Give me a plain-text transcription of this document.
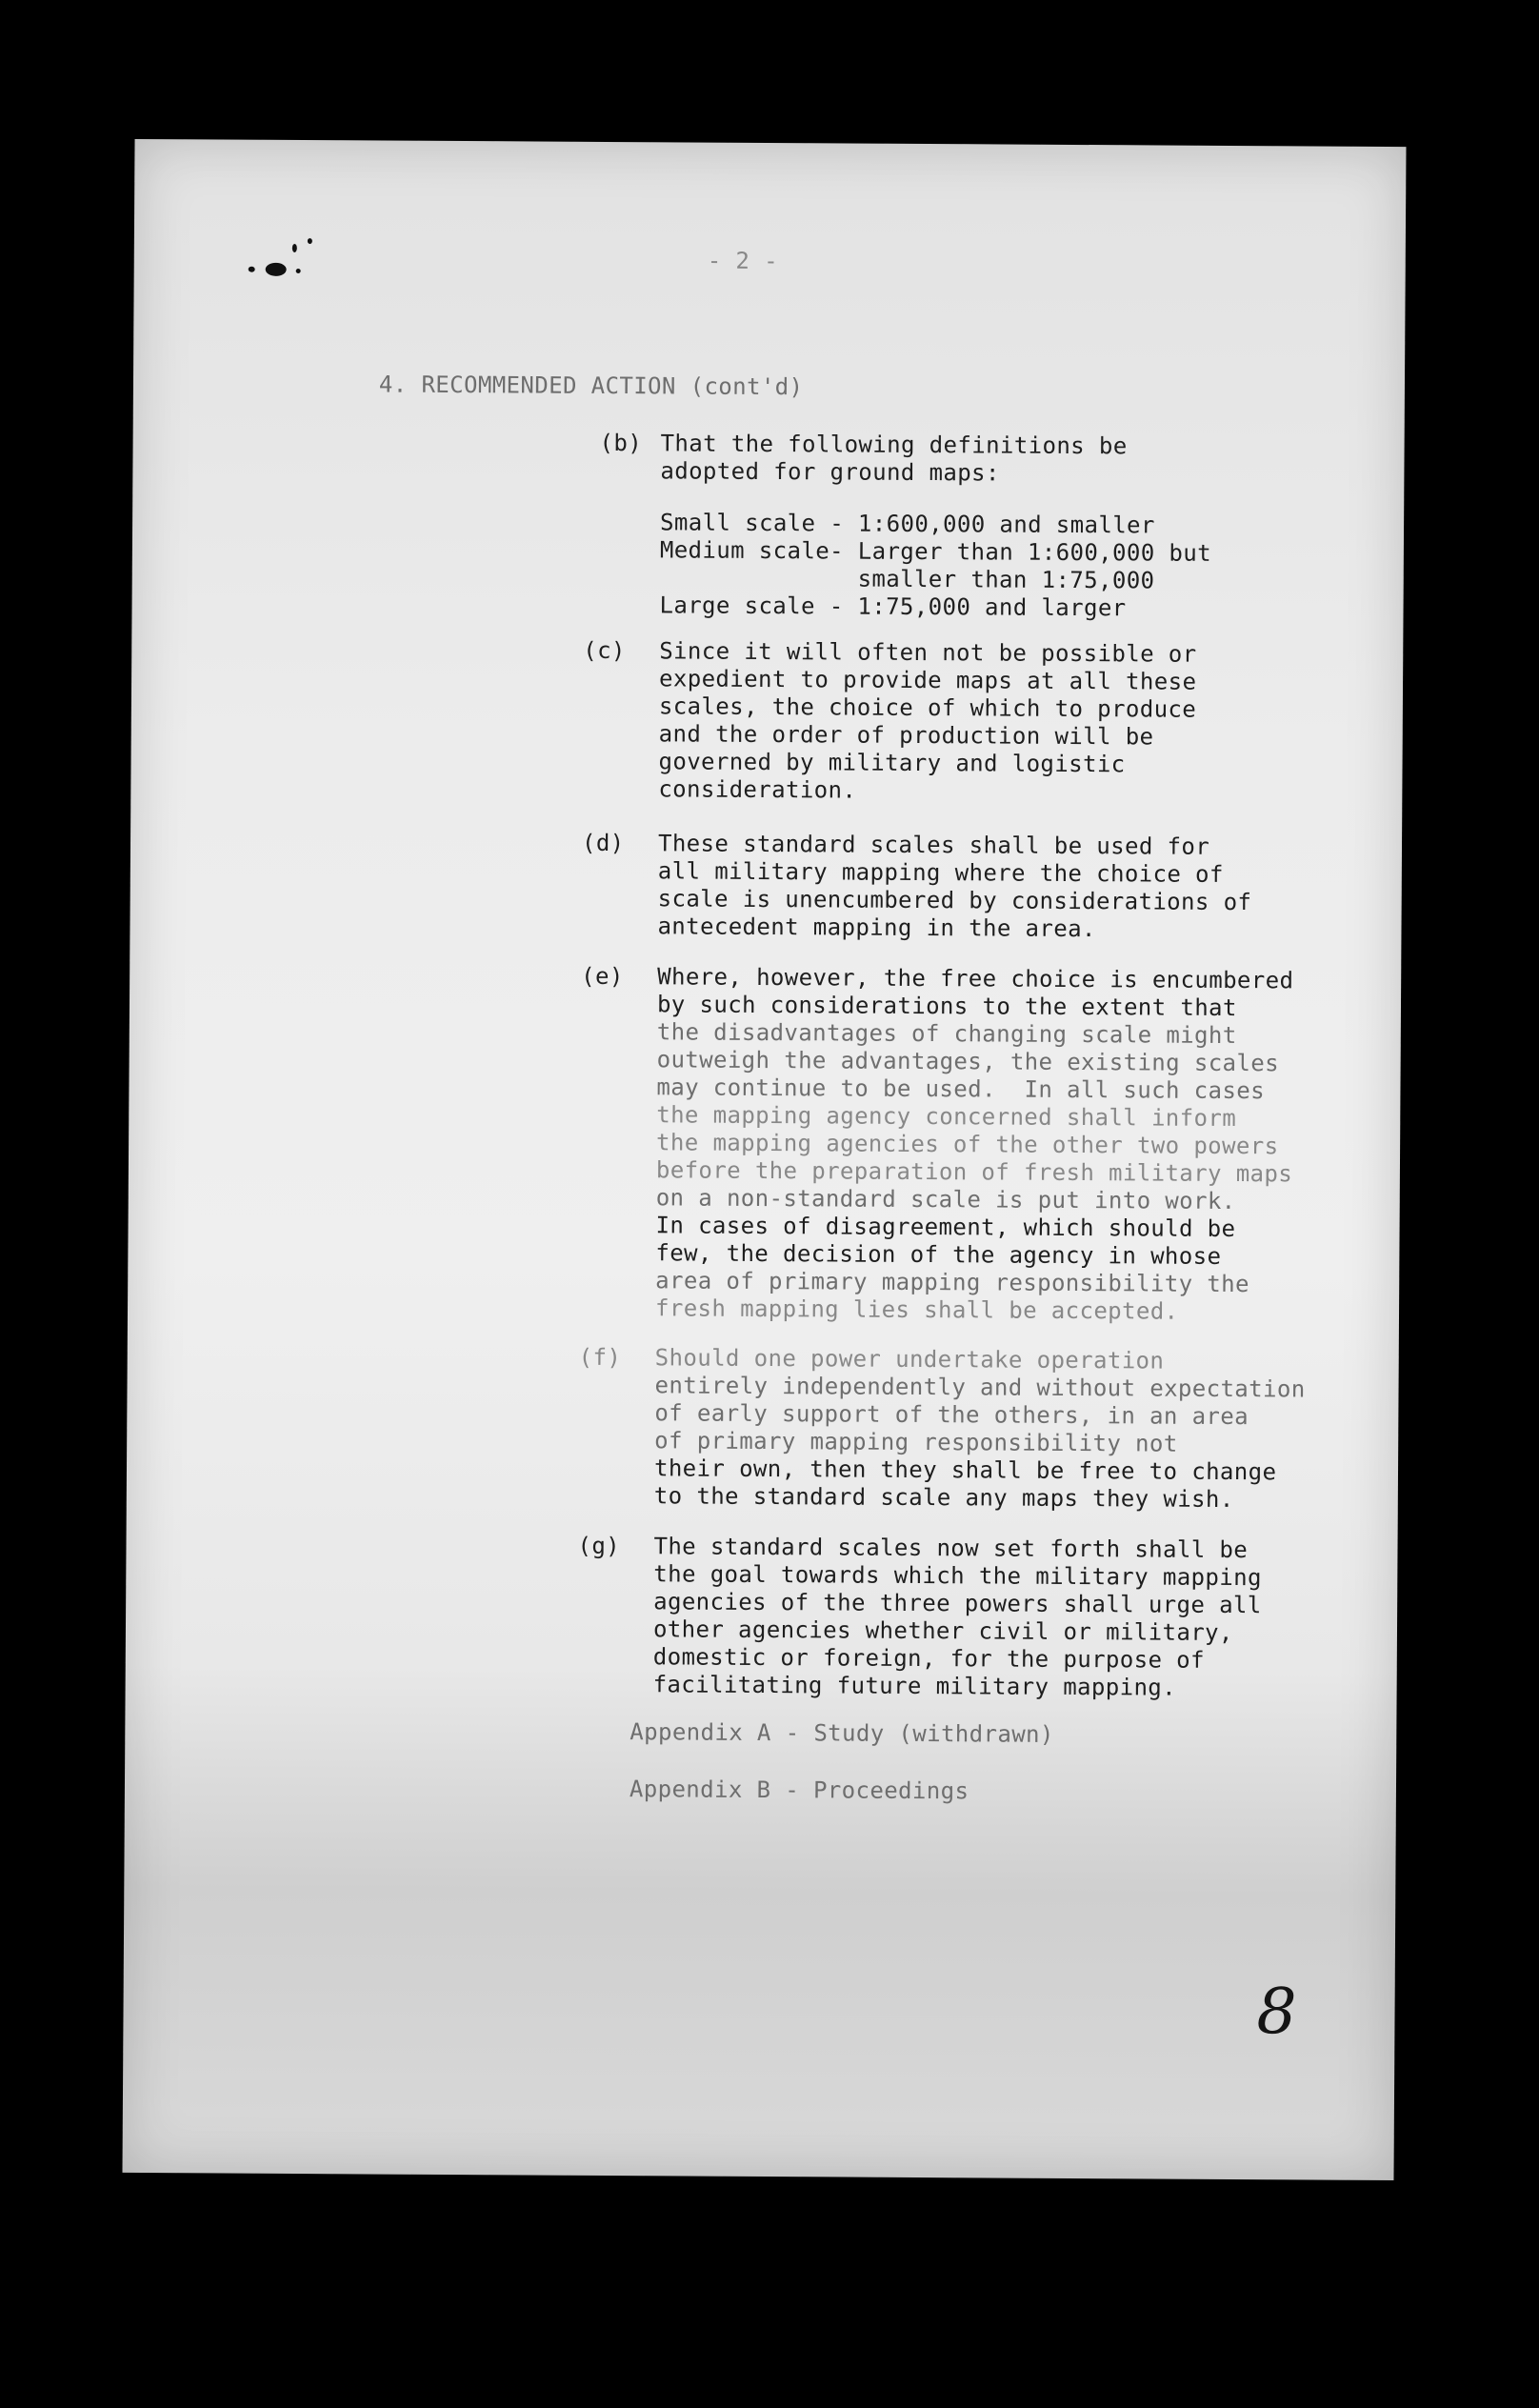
- 2 -

4. RECOMMENDED ACTION (cont'd)

(b) That the following definitions be

adopted for ground maps:

Small scale - 1:600,000 and smaller

Medium scale- Larger than 1:600,000 but

smaller than 1:75,000

Large scale - 1:75,000 and larger

(c) Since it will often not be possible or

expedient to provide maps at all these

scales, the choice of which to produce

and the order of production will be

governed by military and logistic

consideration.

(d) These standard scales shall be used for

all military mapping where the choice of

scale is unencumbered by considerations of

antecedent mapping in the area.

(e) Where, however, the free choice is encumbered

by such considerations to the extent that

the disadvantages of changing scale might

outweigh the advantages, the existing scales

may continue to be used.  In all such cases

the mapping agency concerned shall inform

the mapping agencies of the other two powers

before the preparation of fresh military maps

on a non-standard scale is put into work.

In cases of disagreement, which should be

few, the decision of the agency in whose

area of primary mapping responsibility the

fresh mapping lies shall be accepted.

(f) Should one power undertake operation

entirely independently and without expectation

of early support of the others, in an area

of primary mapping responsibility not

their own, then they shall be free to change

to the standard scale any maps they wish.

(g) The standard scales now set forth shall be

the goal towards which the military mapping

agencies of the three powers shall urge all

other agencies whether civil or military,

domestic or foreign, for the purpose of

facilitating future military mapping.

Appendix A - Study (withdrawn)

Appendix B - Proceedings

8
